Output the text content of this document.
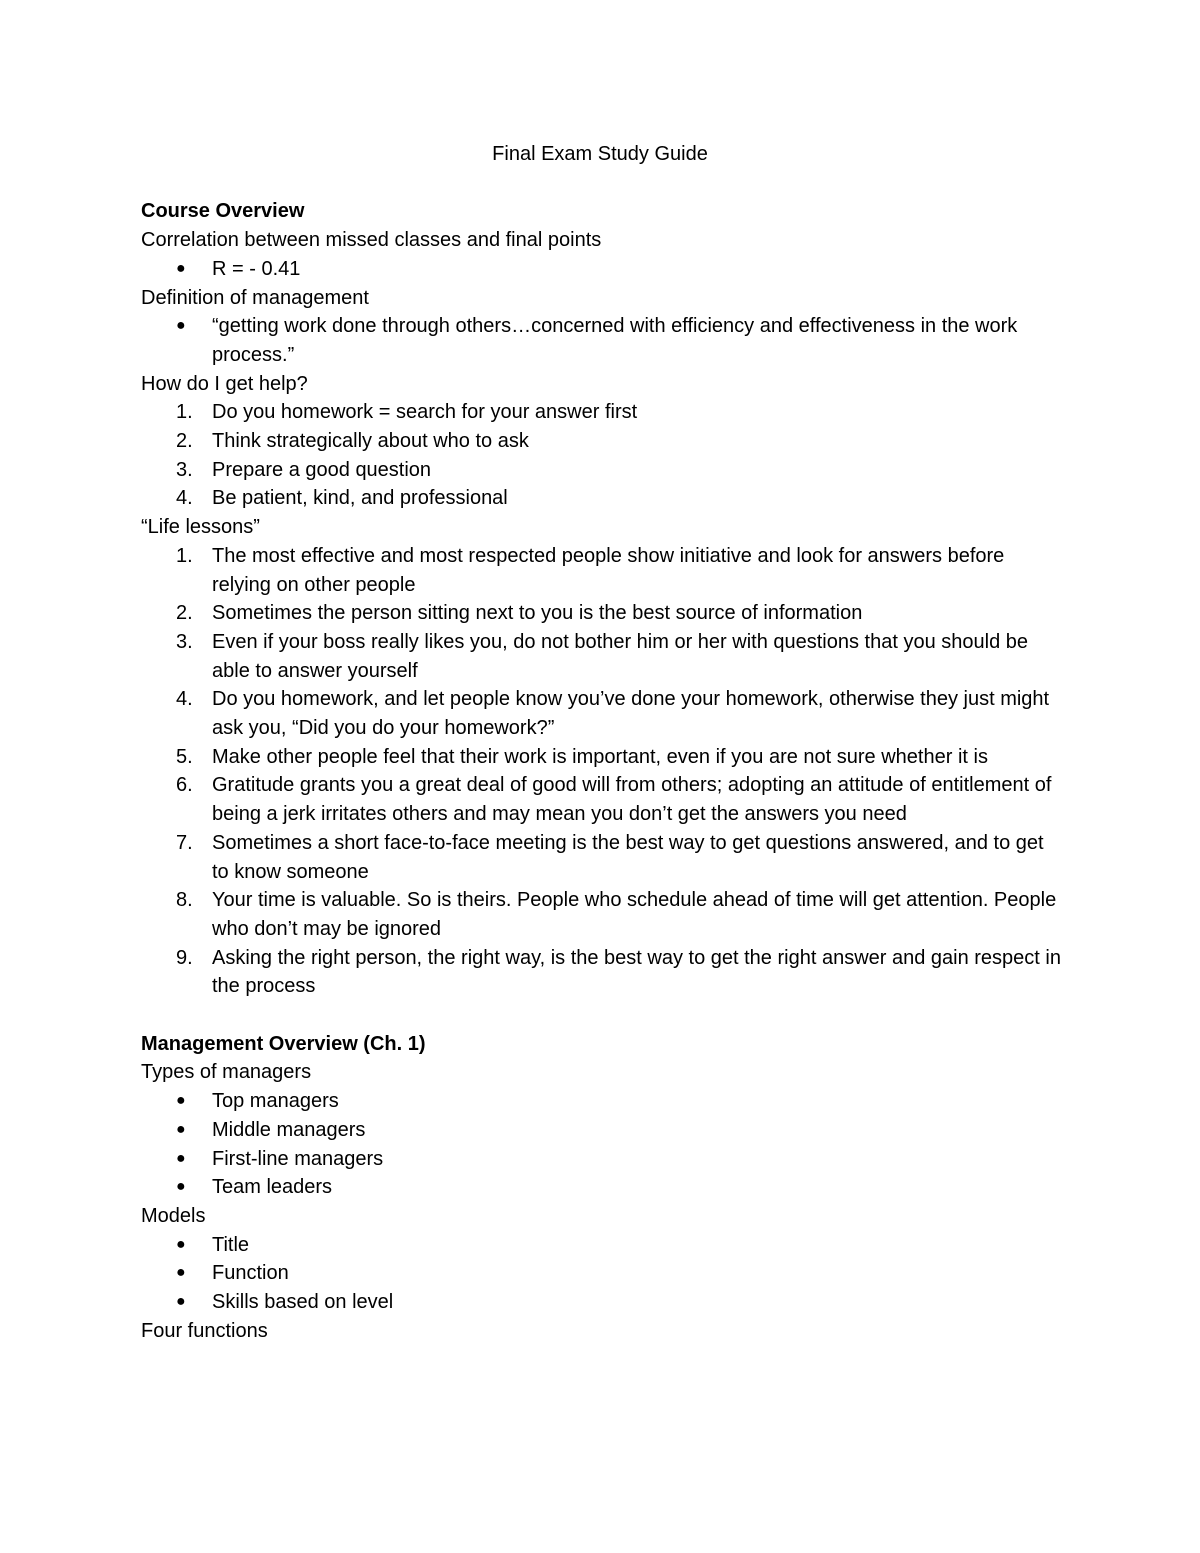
Final Exam Study Guide
Course Overview
Correlation between missed classes and final points
●	R = - 0.41
Definition of management
●	“getting work done through others…concerned with efficiency and effectiveness in the work process.”
How do I get help?
1. Do you homework = search for your answer first
2. Think strategically about who to ask
3. Prepare a good question
4. Be patient, kind, and professional
“Life lessons”
1. The most effective and most respected people show initiative and look for answers before relying on other people
2. Sometimes the person sitting next to you is the best source of information
3. Even if your boss really likes you, do not bother him or her with questions that you should be able to answer yourself
4. Do you homework, and let people know you’ve done your homework, otherwise they just might ask you, “Did you do your homework?”
5. Make other people feel that their work is important, even if you are not sure whether it is
6. Gratitude grants you a great deal of good will from others; adopting an attitude of entitlement of being a jerk irritates others and may mean you don’t get the answers you need
7. Sometimes a short face-to-face meeting is the best way to get questions answered, and to get to know someone
8. Your time is valuable. So is theirs. People who schedule ahead of time will get attention. People who don’t may be ignored
9. Asking the right person, the right way, is the best way to get the right answer and gain respect in the process
Management Overview (Ch. 1)
Types of managers
●	Top managers
●	Middle managers
●	First-line managers
●	Team leaders
Models
●	Title
●	Function
●	Skills based on level
Four functions
